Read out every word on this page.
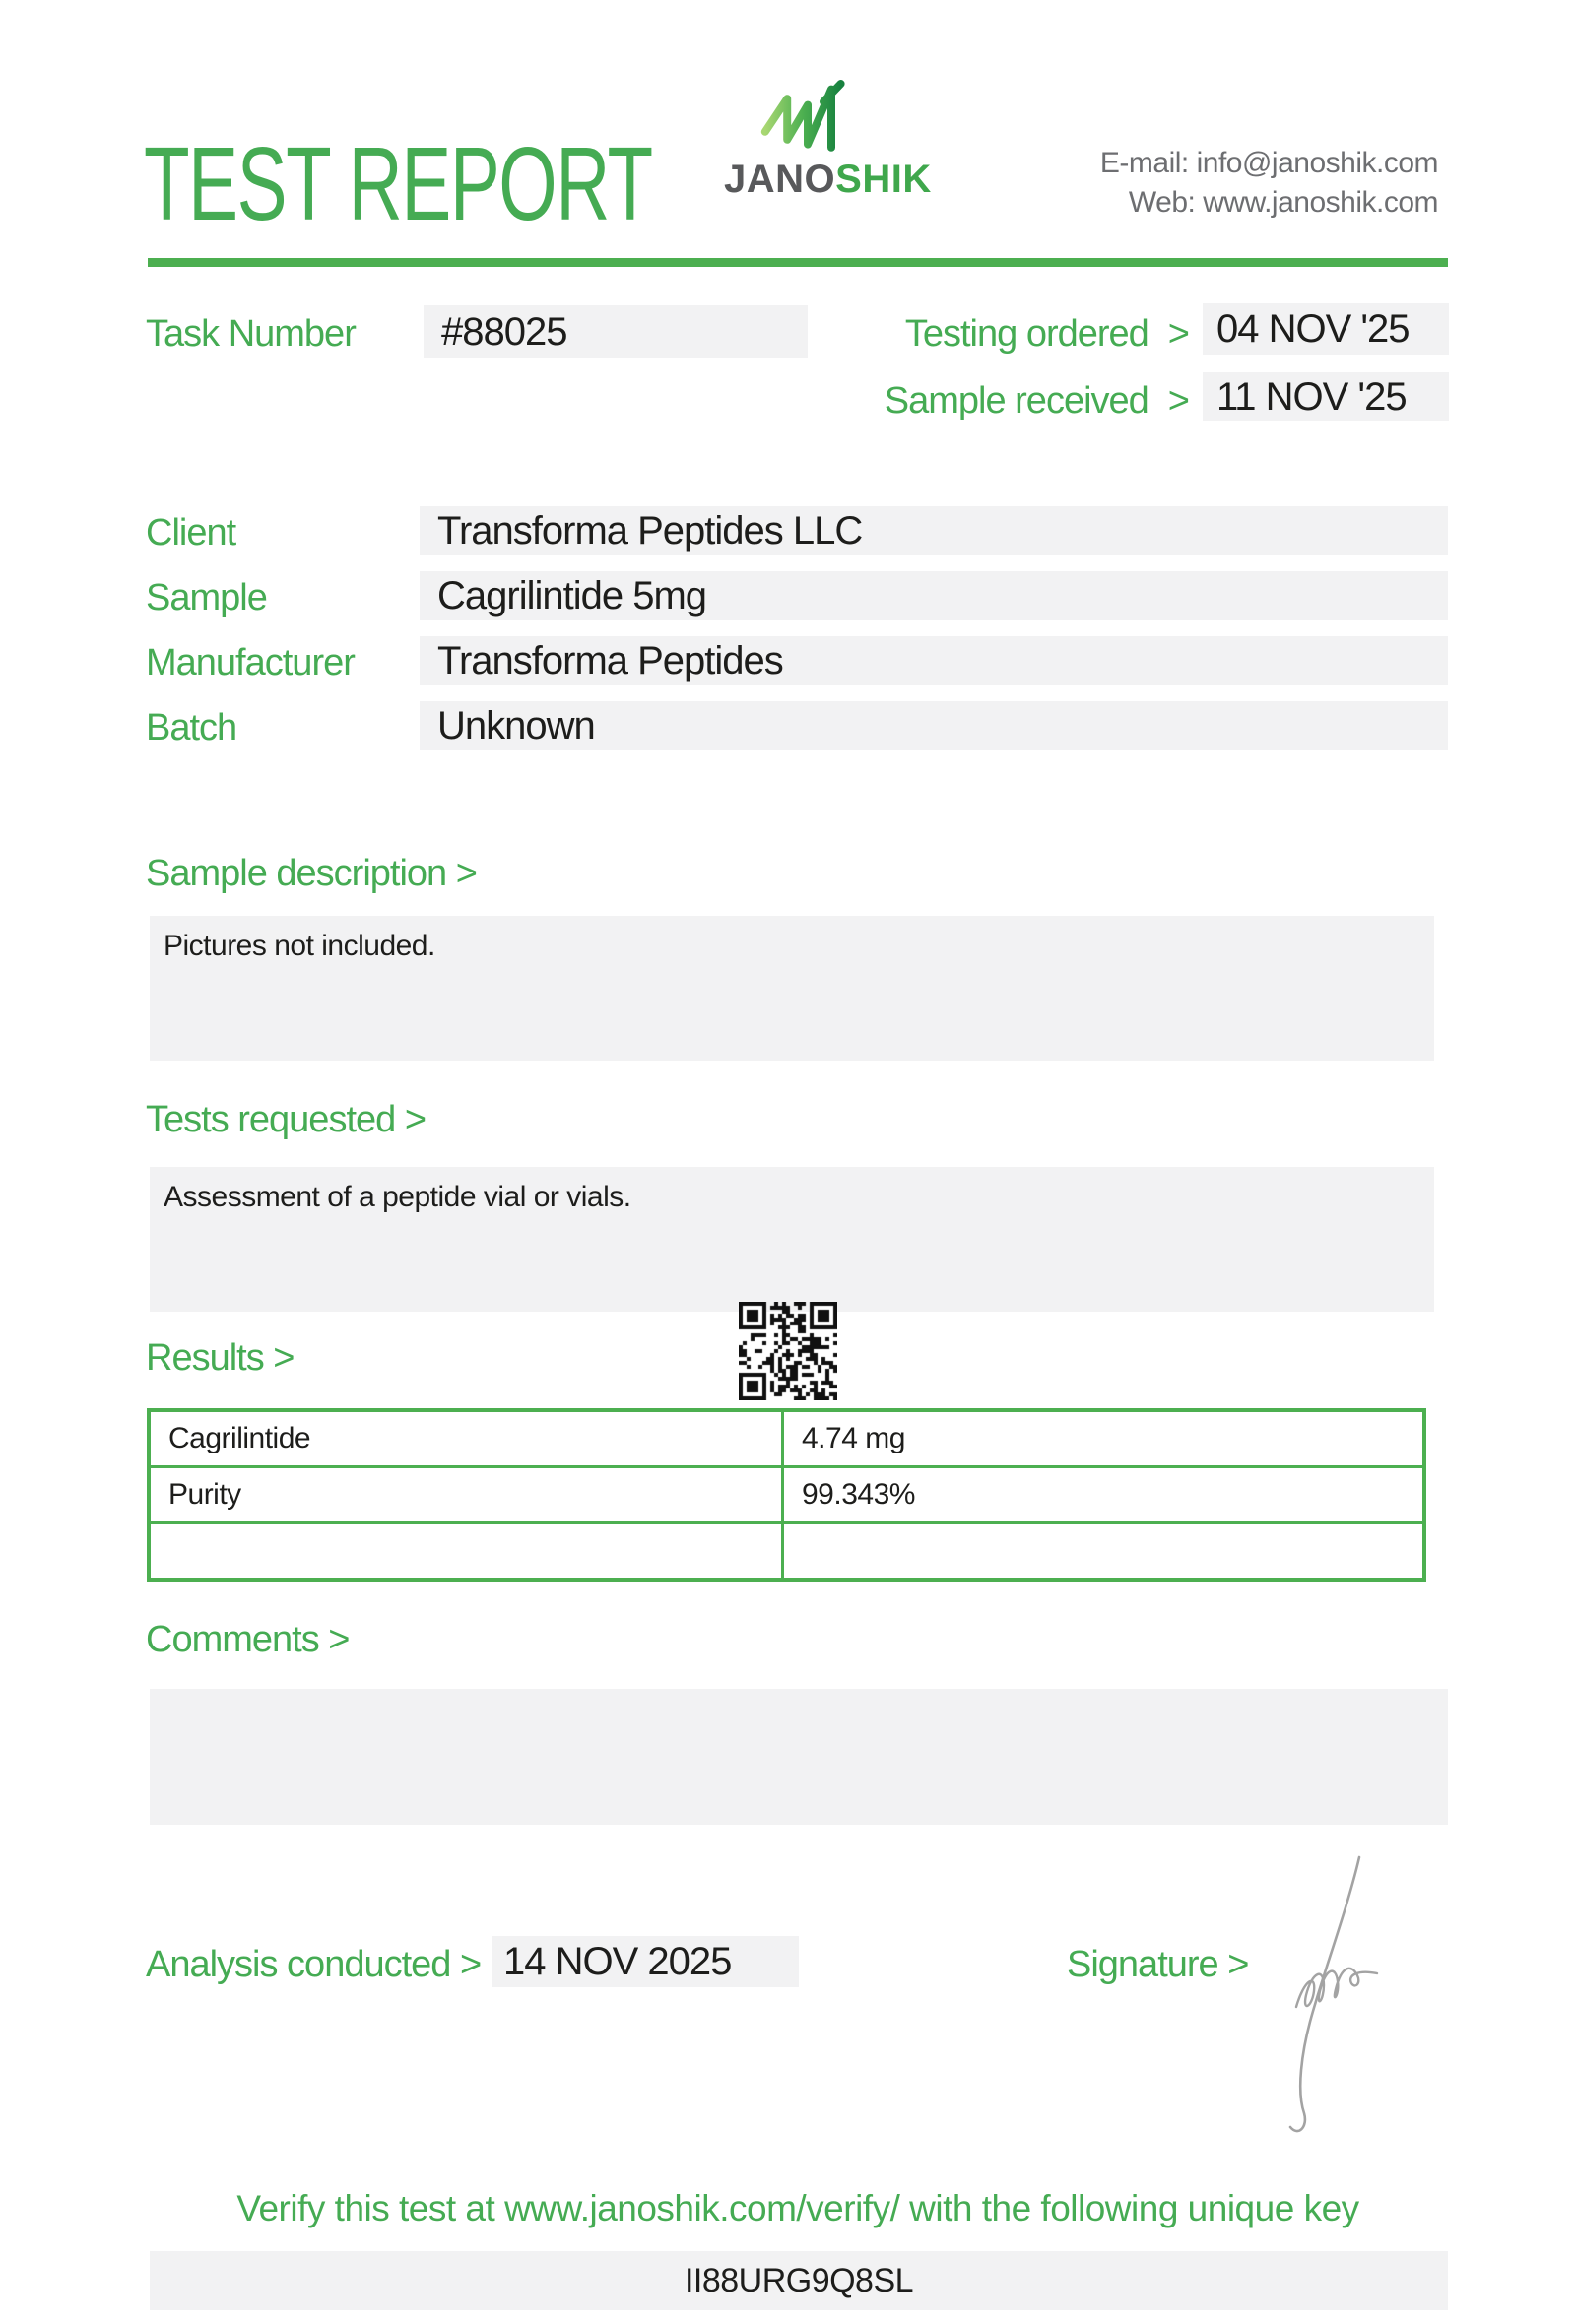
TEST REPORT JANOSHIK	E-mail: info@janoshik.com
Web: www.janoshik.com
Task Number	#88025	Testing ordered > 04 NOV '25
Sample received > 11 NOV '25
Client	Transforma Peptides LLC
Sample	Cagrilintide 5mg
Manufacturer	Transforma Peptides
Batch	Unknown
Sample description >
Pictures not included.
Tests requested >
Assessment of a peptide vial or vials.
Results >
Cagrilintide	4.74 mg
Purity	99.343%
Comments >
Analysis conducted > 14 NOV 2025	Signature >
Verify this test at www.janoshik.com/verify/ with the following unique key
II88URG9Q8SL
